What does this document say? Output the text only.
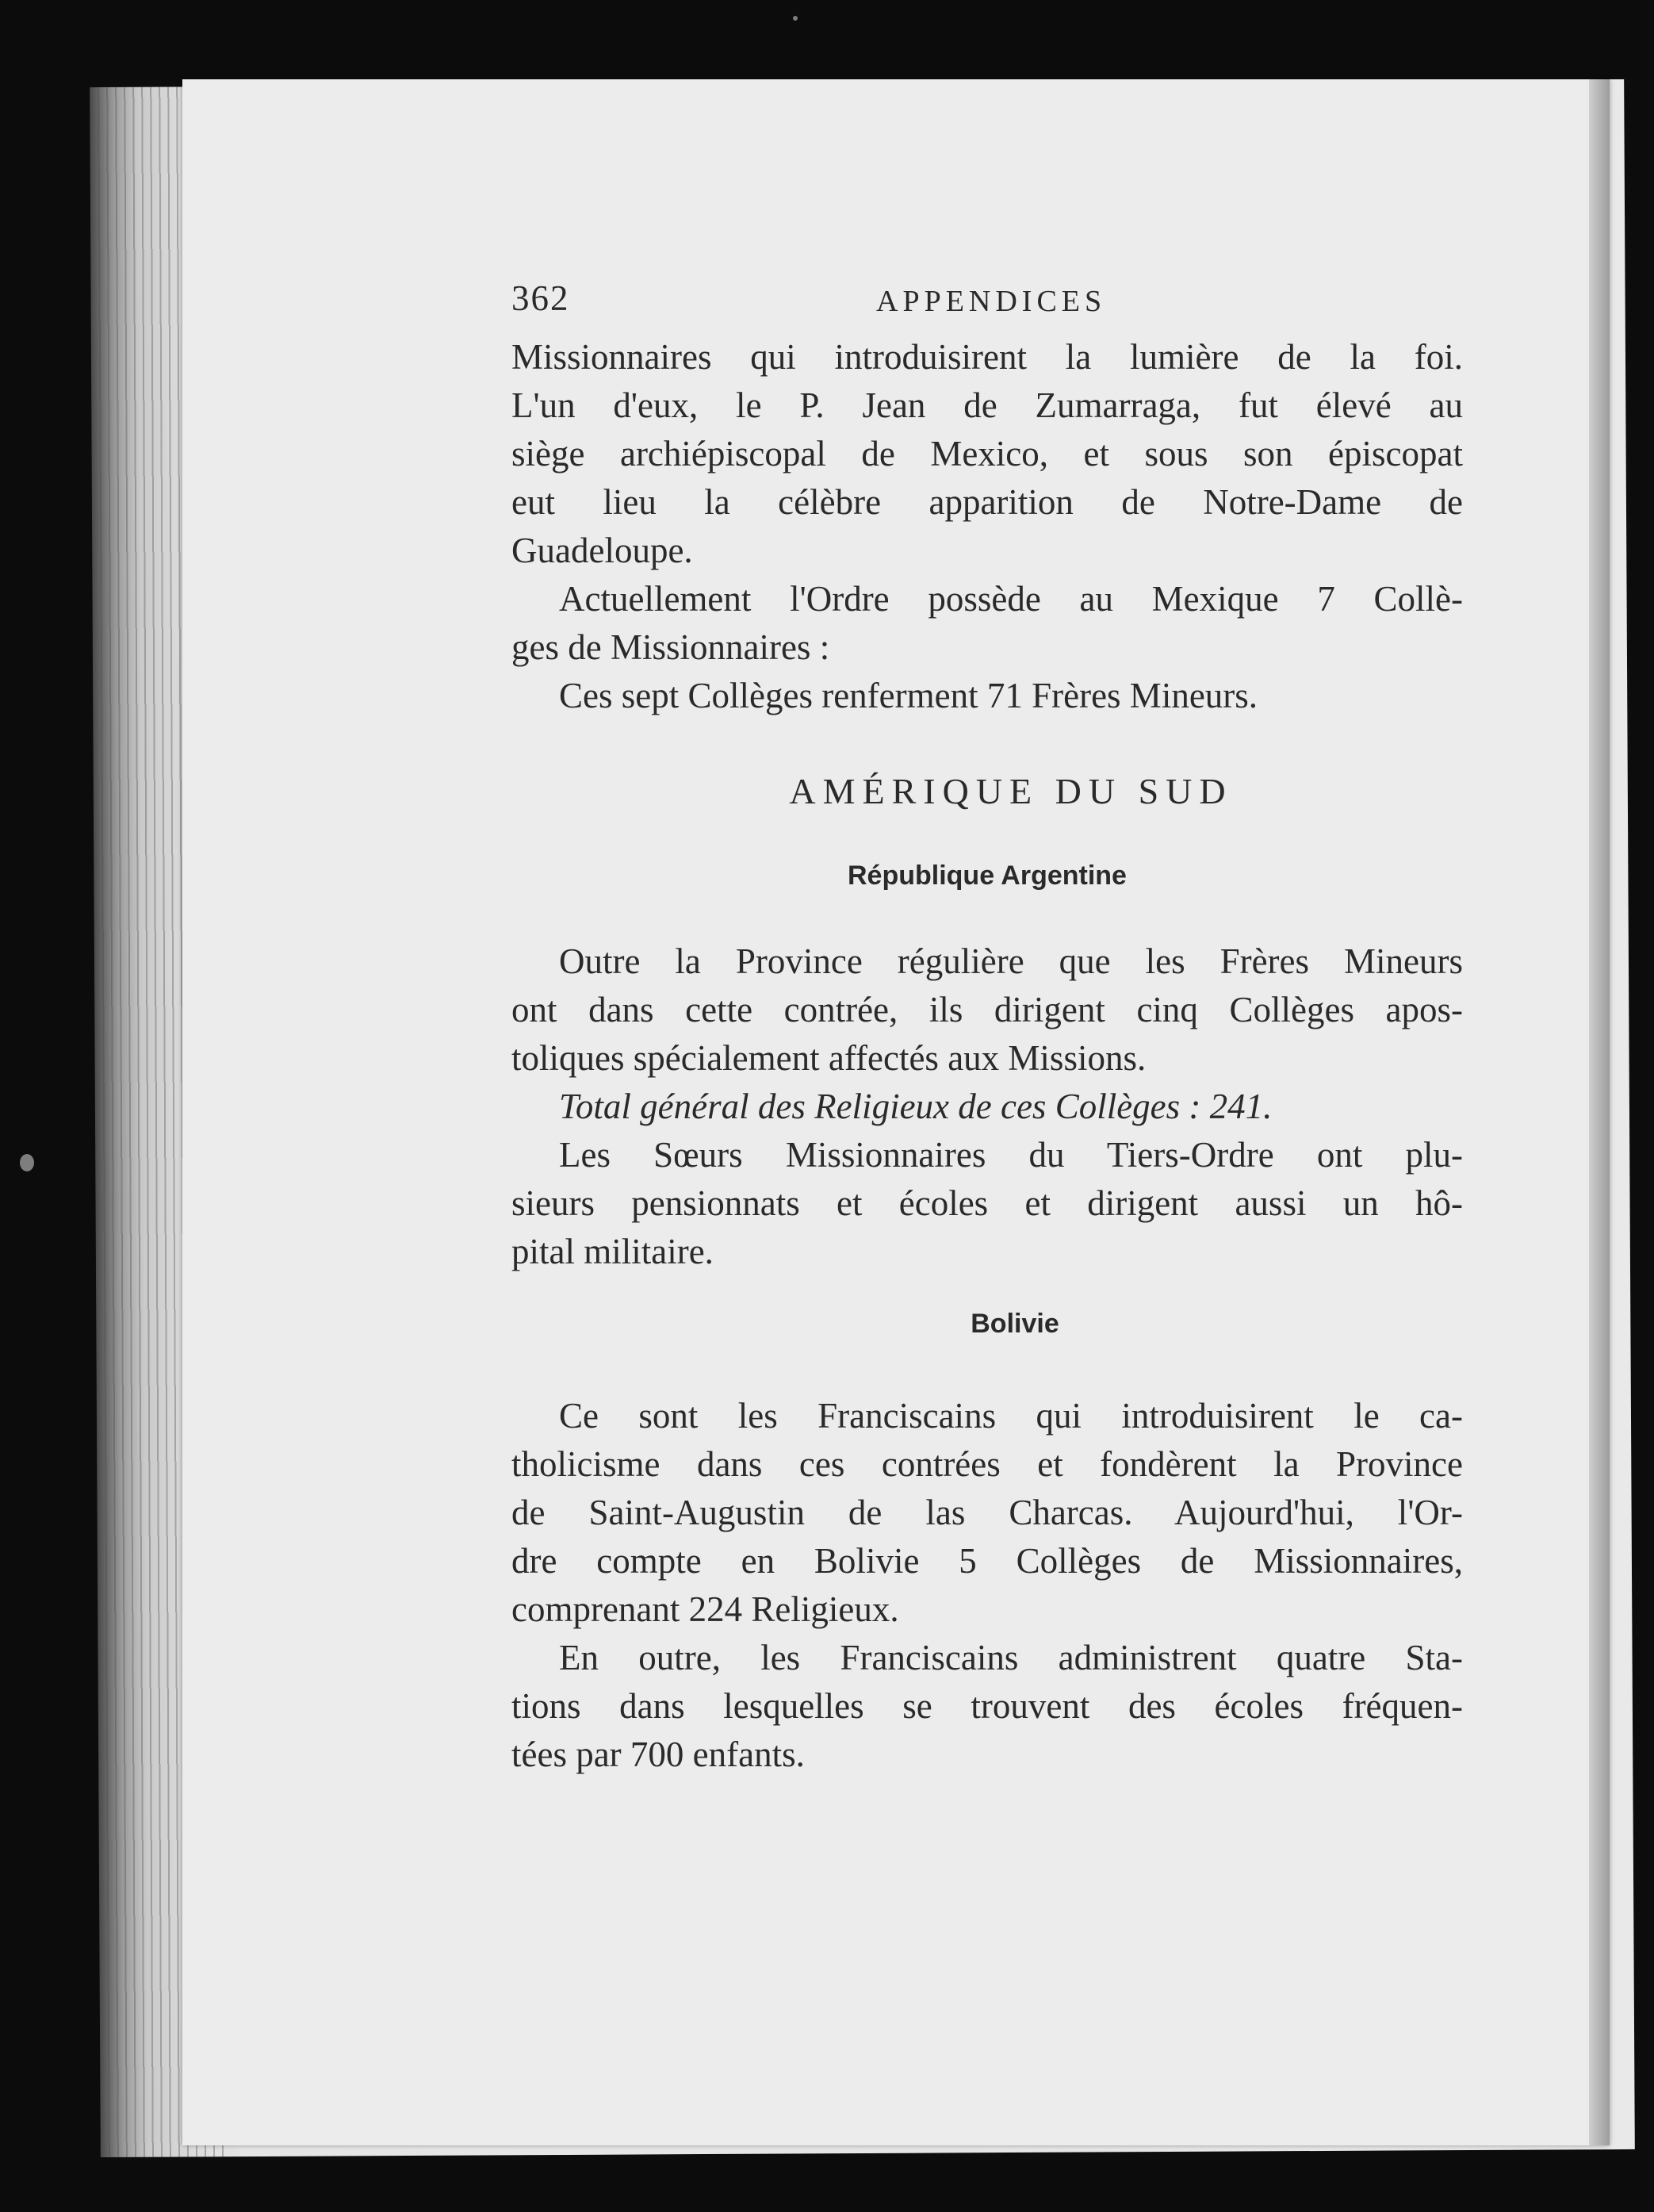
362	APPENDICES
Missionnaires qui introduisirent la lumière de la foi.
L'un d'eux, le P. Jean de Zumarraga, fut élevé au
siège archiépiscopal de Mexico, et sous son épiscopat
eut lieu la célèbre apparition de Notre-Dame de
Guadeloupe.
Actuellement l'Ordre possède au Mexique 7 Collè-
ges de Missionnaires :
Ces sept Collèges renferment 71 Frères Mineurs.
AMÉRIQUE DU SUD
République Argentine
Outre la Province régulière que les Frères Mineurs
ont dans cette contrée, ils dirigent cinq Collèges apos-
toliques spécialement affectés aux Missions.
Total général des Religieux de ces Collèges : 241.
Les Sœurs Missionnaires du Tiers-Ordre ont plu-
sieurs pensionnats et écoles et dirigent aussi un hô-
pital militaire.
Bolivie
Ce sont les Franciscains qui introduisirent le ca-
tholicisme dans ces contrées et fondèrent la Province
de Saint-Augustin de las Charcas. Aujourd'hui, l'Or-
dre compte en Bolivie 5 Collèges de Missionnaires,
comprenant 224 Religieux.
En outre, les Franciscains administrent quatre Sta-
tions dans lesquelles se trouvent des écoles fréquen-
tées par 700 enfants.
